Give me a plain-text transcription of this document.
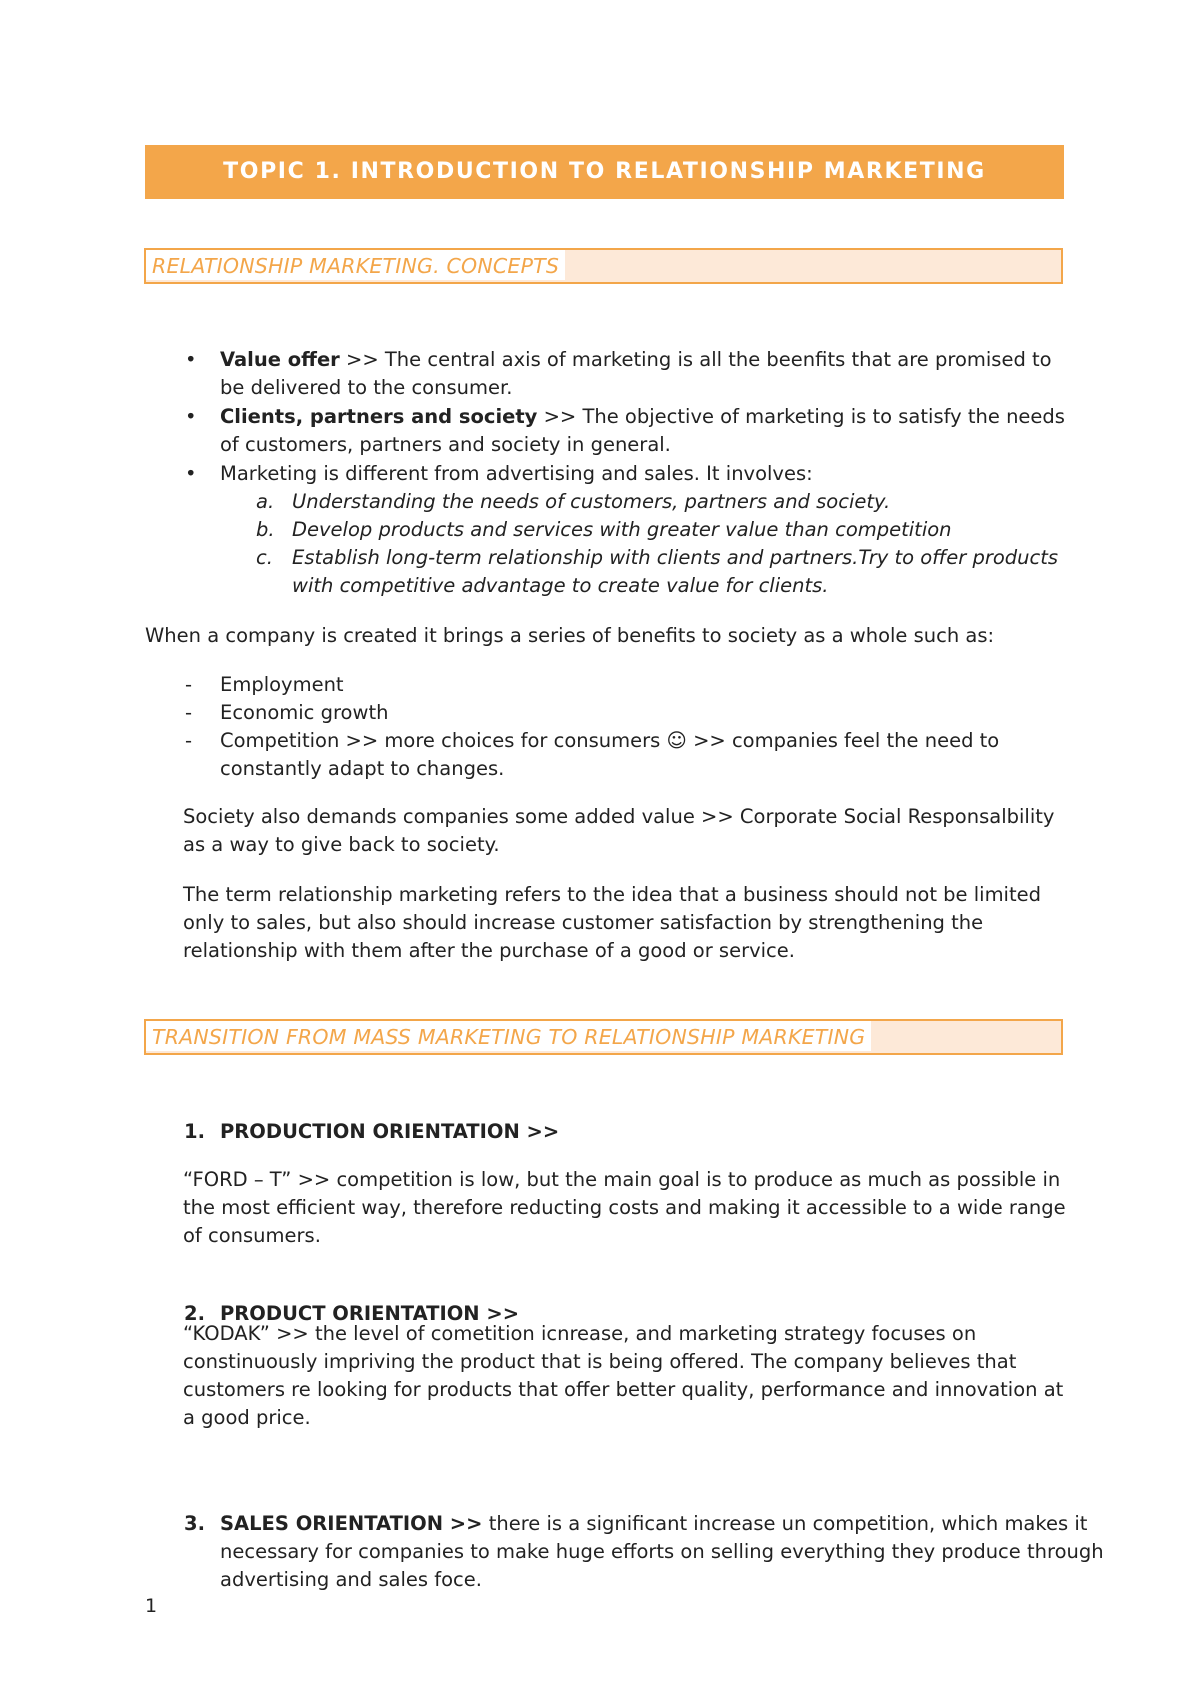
TOPIC 1. INTRODUCTION TO RELATIONSHIP MARKETING
RELATIONSHIP MARKETING. CONCEPTS
•	Value offer >> The central axis of marketing is all the beenfits that are promised to be delivered to the consumer.
•	Clients, partners and society >> The objective of marketing is to satisfy the needs of customers, partners and society in general.
•	Marketing is different from advertising and sales. It involves:
a. Understanding the needs of customers, partners and society.
b. Develop products and services with greater value than competition
c. Establish long-term relationship with clients and partners.Try to offer products with competitive advantage to create value for clients.

When a company is created it brings a series of benefits to society as a whole such as:

- Employment
- Economic growth
- Competition >> more choices for consumers ☺ >> companies feel the need to constantly adapt to changes.

Society also demands companies some added value >> Corporate Social Responsalbility as a way to give back to society.

The term relationship marketing refers to the idea that a business should not be limited only to sales, but also should increase customer satisfaction by strengthening the relationship with them after the purchase of a good or service.

TRANSITION FROM MASS MARKETING TO RELATIONSHIP MARKETING
1. PRODUCTION ORIENTATION >>

“FORD – T” >> competition is low, but the main goal is to produce as much as possible in the most efficient way, therefore reducting costs and making it accessible to a wide range of consumers.

2. PRODUCT ORIENTATION >>

“KODAK” >> the level of cometition icnrease, and marketing strategy focuses on constinuously impriving the product that is being offered. The company believes that customers re looking for products that offer better quality, performance and innovation at a good price.

3. SALES ORIENTATION >> there is a significant increase un competition, which makes it necessary for companies to make huge efforts on selling everything they produce through advertising and sales foce.
1
